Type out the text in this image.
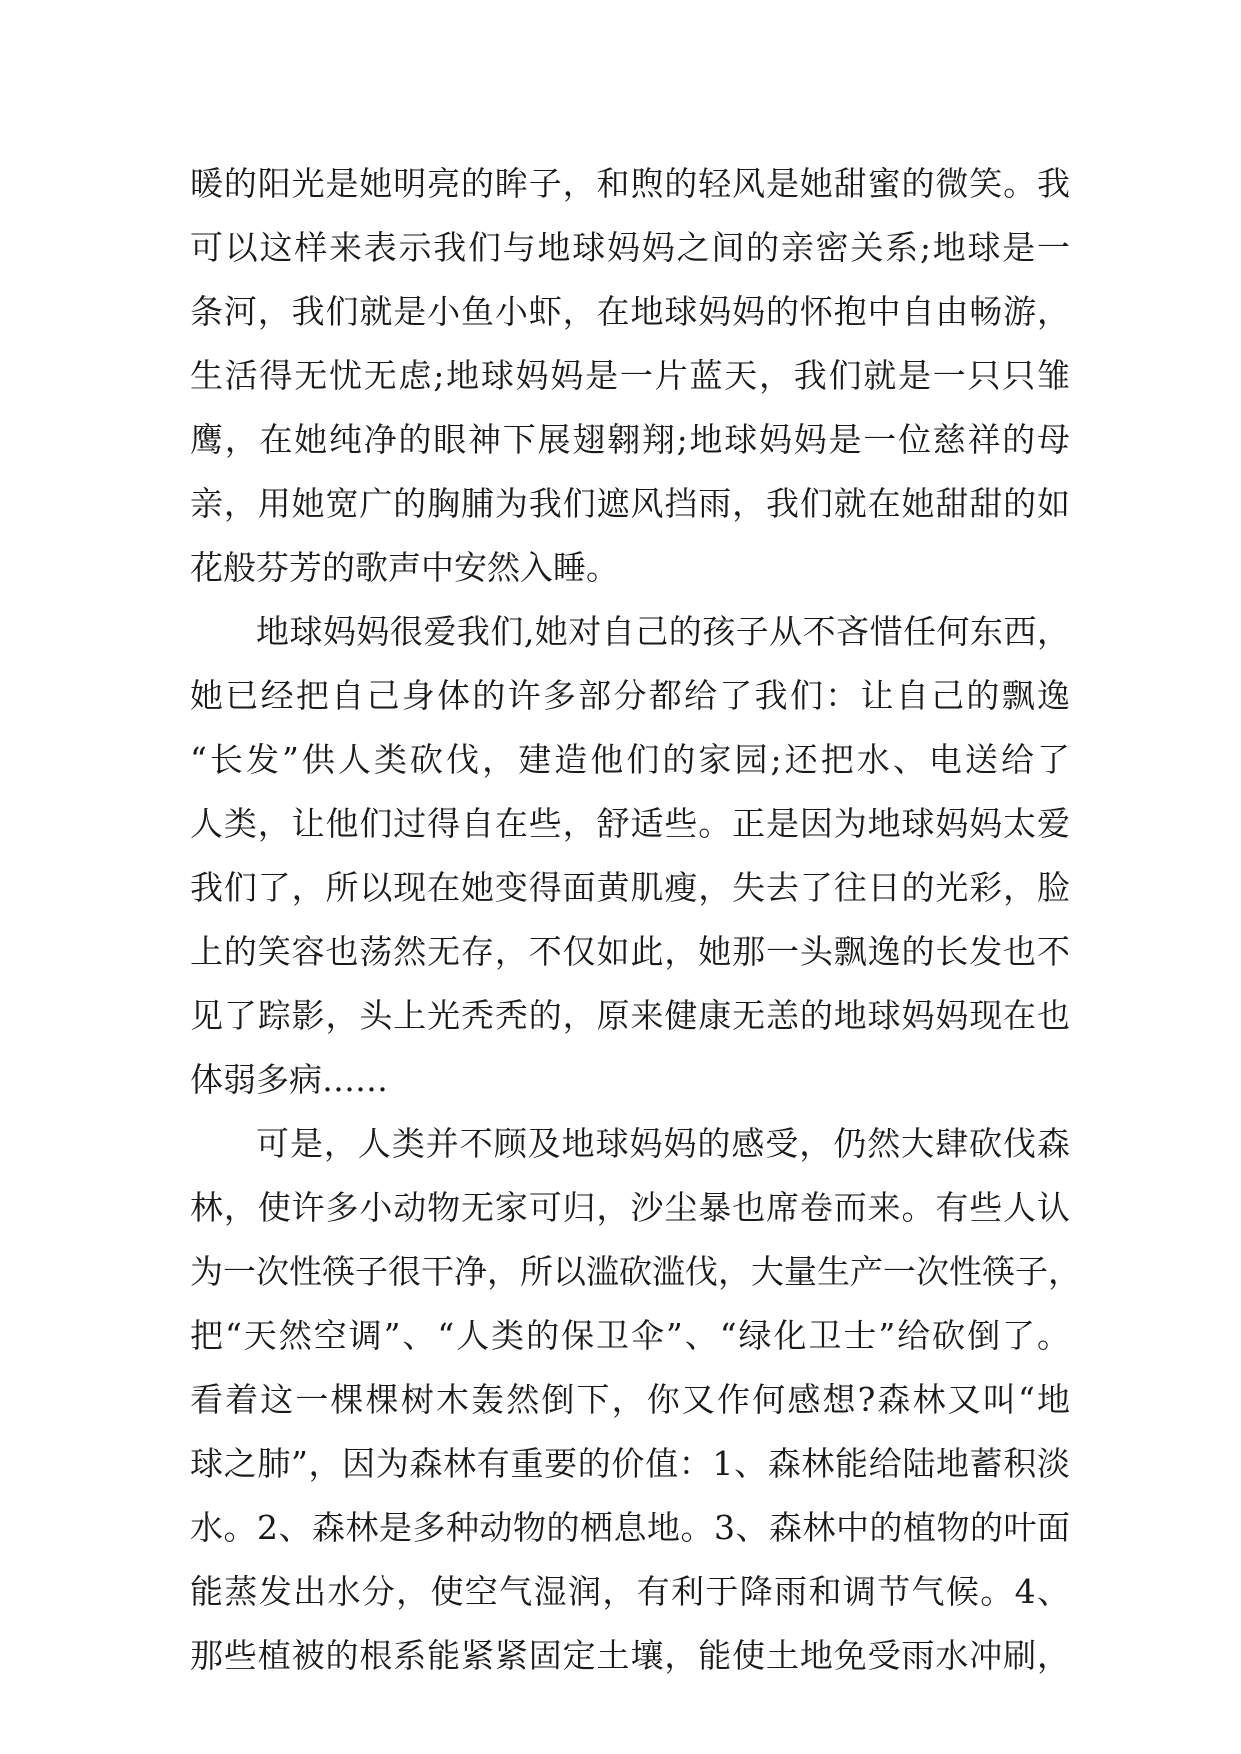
暖的阳光是她明亮的眸子，和煦的轻风是她甜蜜的微笑。我
可以这样来表示我们与地球妈妈之间的亲密关系;地球是一
条河，我们就是小鱼小虾，在地球妈妈的怀抱中自由畅游，
生活得无忧无虑;地球妈妈是一片蓝天，我们就是一只只雏
鹰，在她纯净的眼神下展翅翱翔;地球妈妈是一位慈祥的母
亲，用她宽广的胸脯为我们遮风挡雨，我们就在她甜甜的如
花般芬芳的歌声中安然入睡。
地球妈妈很爱我们,她对自己的孩子从不吝惜任何东西，
她已经把自己身体的许多部分都给了我们：让自己的飘逸
“长发”供人类砍伐，建造他们的家园;还把水、电送给了
人类，让他们过得自在些，舒适些。正是因为地球妈妈太爱
我们了，所以现在她变得面黄肌瘦，失去了往日的光彩，脸
上的笑容也荡然无存，不仅如此，她那一头飘逸的长发也不
见了踪影，头上光秃秃的，原来健康无恙的地球妈妈现在也
体弱多病……
可是，人类并不顾及地球妈妈的感受，仍然大肆砍伐森
林，使许多小动物无家可归，沙尘暴也席卷而来。有些人认
为一次性筷子很干净，所以滥砍滥伐，大量生产一次性筷子，
把“天然空调”、“人类的保卫伞”、“绿化卫士”给砍倒了。
看着这一棵棵树木轰然倒下，你又作何感想?森林又叫“地
球之肺”，因为森林有重要的价值：1、森林能给陆地蓄积淡
水。2、森林是多种动物的栖息地。3、森林中的植物的叶面
能蒸发出水分，使空气湿润，有利于降雨和调节气候。4、
那些植被的根系能紧紧固定土壤，能使土地免受雨水冲刷，
